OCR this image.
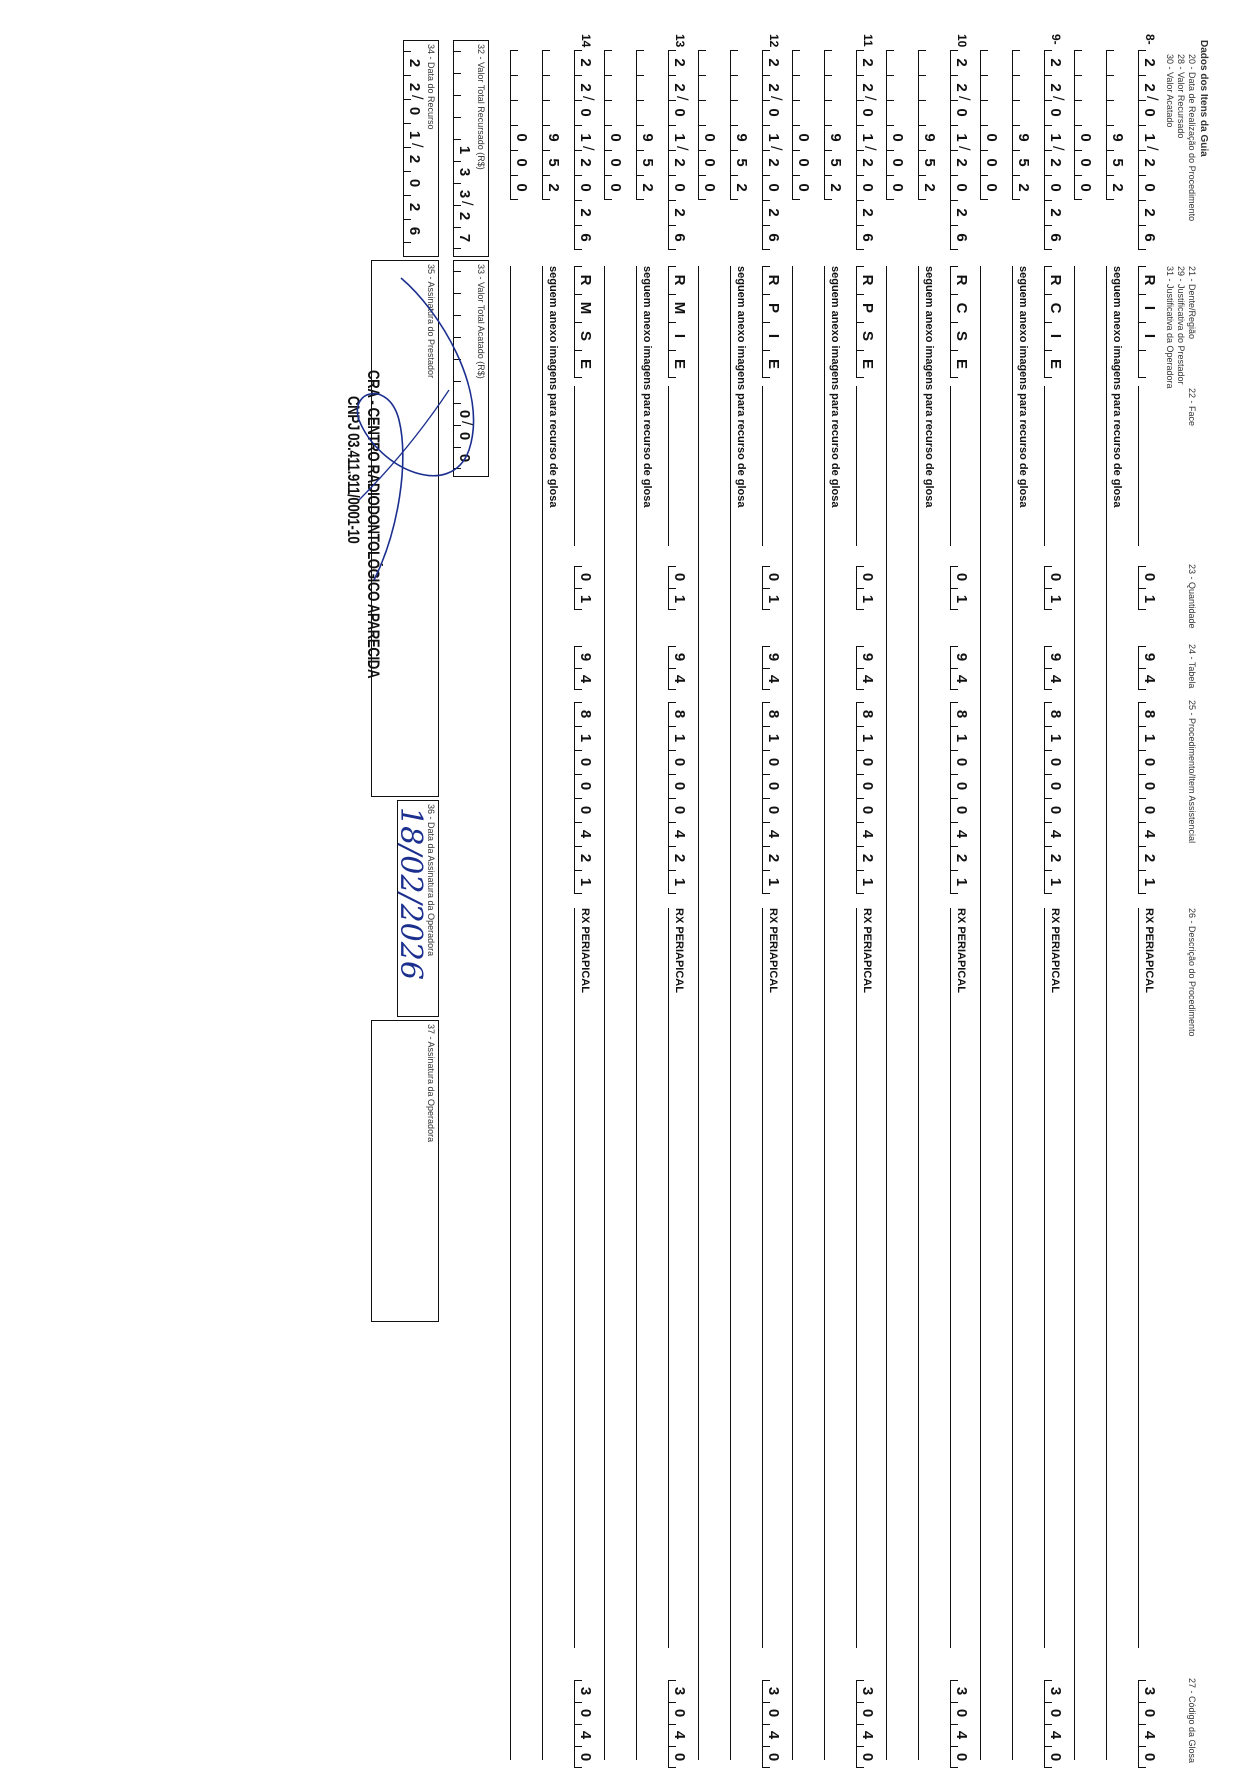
Dados dos Itens da Guia
20 - Data de Realização do Procedimento
28 - Valor Recursado
30 - Valor Acatado
21 - Dente/Região
29 - Justificativa do Prestador
31 - Justificativa da Operadora
22 - Face
23 - Quantidade
24 - Tabela
25 - Procedimento/Item Assistencial
26 - Descrição do Procedimento
27 - Código da Glosa
8-
2
2
0 /
1
2 /
0
2
6
R
I
I
0
1
9
4
8
1
0
0
0
4
2
1
RX PERIAPICAL
3
0
4
0
9
5
2
seguem anexo imagens para recurso de glosa
0
0
0
9-
2
2
0 /
1
2 /
0
2
6
R
C
I
E
0
1
9
4
8
1
0
0
0
4
2
1
RX PERIAPICAL
3
0
4
0
9
5
2
seguem anexo imagens para recurso de glosa
0
0
0
10
2
2
0 /
1
2 /
0
2
6
R
C
S
E
0
1
9
4
8
1
0
0
0
4
2
1
RX PERIAPICAL
3
0
4
0
9
5
2
seguem anexo imagens para recurso de glosa
0
0
0
11
2
2
0 /
1
2 /
0
2
6
R
P
S
E
0
1
9
4
8
1
0
0
0
4
2
1
RX PERIAPICAL
3
0
4
0
9
5
2
seguem anexo imagens para recurso de glosa
0
0
0
12
2
2
0 /
1
2 /
0
2
6
R
P
I
E
0
1
9
4
8
1
0
0
0
4
2
1
RX PERIAPICAL
3
0
4
0
9
5
2
seguem anexo imagens para recurso de glosa
0
0
0
13
2
2
0 /
1
2 /
0
2
6
R
M
I
E
0
1
9
4
8
1
0
0
0
4
2
1
RX PERIAPICAL
3
0
4
0
9
5
2
seguem anexo imagens para recurso de glosa
0
0
0
14
2
2
0 /
1
2 /
0
2
6
R
M
S
E
0
1
9
4
8
1
0
0
0
4
2
1
RX PERIAPICAL
3
0
4
0
9
5
2
seguem anexo imagens para recurso de glosa
0
0
0
32 - Valor Total Recursado (R$)
1
3
3
2 /
7
33 - Valor Total Acatado (R$)
0
0 /
0
34 - Data do Recurso
2
2
0 /
1
2 /
0
2
6
35 - Assinatura do Prestador
36 - Data da Assinatura da Operadora
18/02/2026
37 - Assinatura da Operadora
CRA - CENTRO RADIODONTOLÓGICO APARECIDA
CNPJ 03.411.911/0001-10
